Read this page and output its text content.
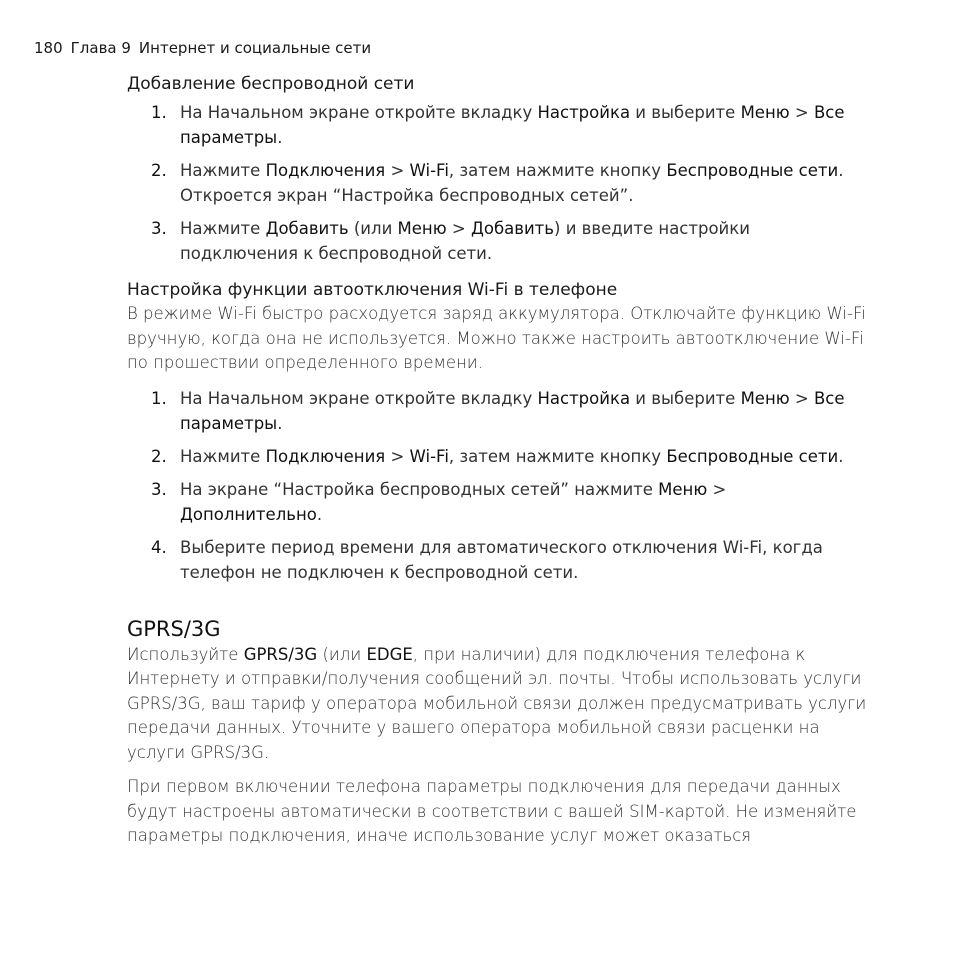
180 Глава 9 Интернет и социальные сети
Добавление беспроводной сети
1. На Начальном экране откройте вкладку Настройка и выберите Меню > Все параметры.
2. Нажмите Подключения > Wi-Fi, затем нажмите кнопку Беспроводные сети. Откроется экран “Настройка беспроводных сетей”.
3. Нажмите Добавить (или Меню > Добавить) и введите настройки подключения к беспроводной сети.
Настройка функции автоотключения Wi-Fi в телефоне

В режиме Wi-Fi быстро расходуется заряд аккумулятора. Отключайте функцию Wi-Fi вручную, когда она не используется. Можно также настроить автоотключение Wi-Fi по прошествии определенного времени.

1. На Начальном экране откройте вкладку Настройка и выберите Меню > Все параметры.
2. Нажмите Подключения > Wi-Fi, затем нажмите кнопку Беспроводные сети.
3. На экране “Настройка беспроводных сетей” нажмите Меню > Дополнительно.
4. Выберите период времени для автоматического отключения Wi-Fi, когда телефон не подключен к беспроводной сети.
GPRS/3G

Используйте GPRS/3G (или EDGE, при наличии) для подключения телефона к Интернету и отправки/получения сообщений эл. почты. Чтобы использовать услуги GPRS/3G, ваш тариф у оператора мобильной связи должен предусматривать услуги передачи данных. Уточните у вашего оператора мобильной связи расценки на услуги GPRS/3G.

При первом включении телефона параметры подключения для передачи данных будут настроены автоматически в соответствии с вашей SIM-картой. Не изменяйте параметры подключения, иначе использование услуг может оказаться
